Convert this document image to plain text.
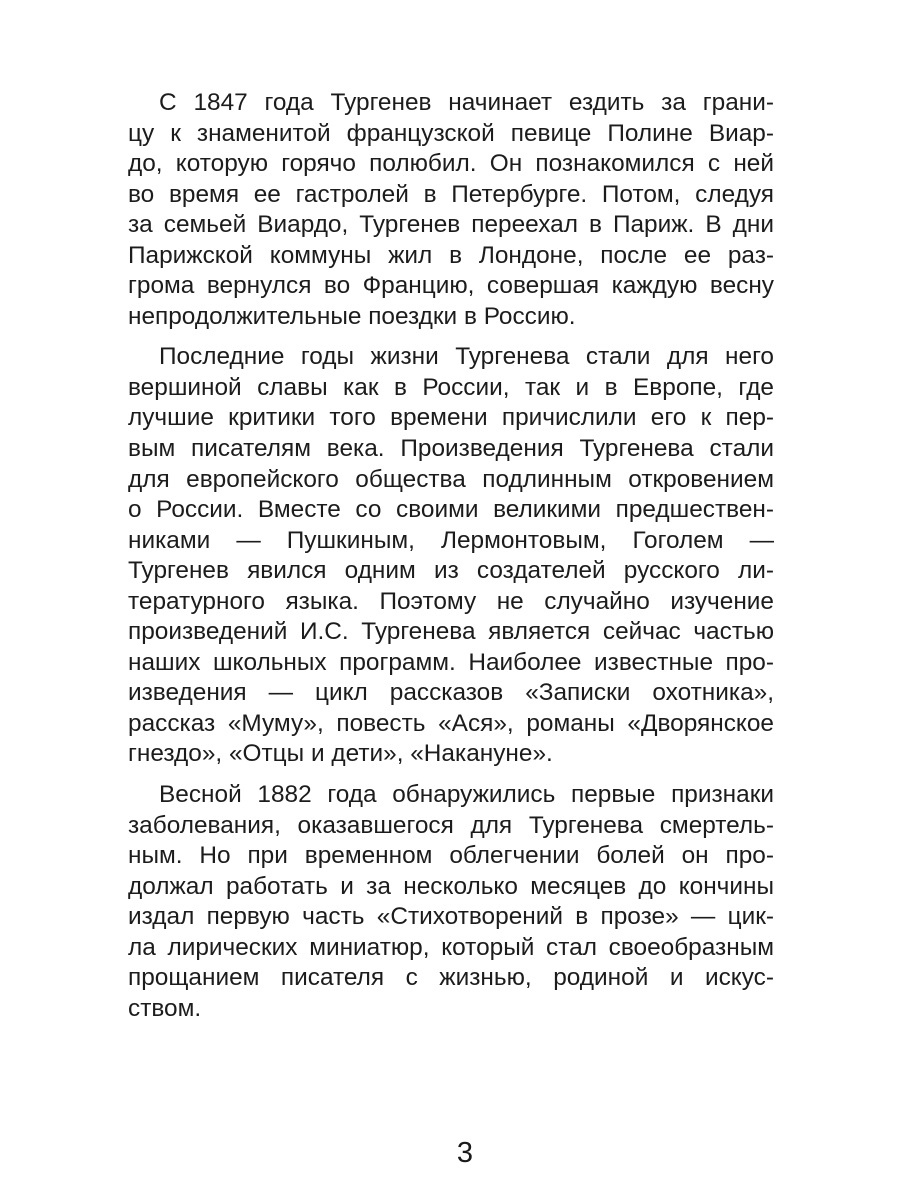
С 1847 года Тургенев начинает ездить за грани-
цу к знаменитой французской певице Полине Виар-
до, которую горячо полюбил. Он познакомился с ней
во время ее гастролей в Петербурге. Потом, следуя
за семьей Виардо, Тургенев переехал в Париж. В дни
Парижской коммуны жил в Лондоне, после ее раз-
грома вернулся во Францию, совершая каждую весну
непродолжительные поездки в Россию.
Последние годы жизни Тургенева стали для него
вершиной славы как в России, так и в Европе, где
лучшие критики того времени причислили его к пер-
вым писателям века. Произведения Тургенева стали
для европейского общества подлинным откровением
о России. Вместе со своими великими предшествен-
никами — Пушкиным, Лермонтовым, Гоголем —
Тургенев явился одним из создателей русского ли-
тературного языка. Поэтому не случайно изучение
произведений И.С. Тургенева является сейчас частью
наших школьных программ. Наиболее известные про-
изведения — цикл рассказов «Записки охотника»,
рассказ «Муму», повесть «Ася», романы «Дворянское
гнездо», «Отцы и дети», «Накануне».
Весной 1882 года обнаружились первые признаки
заболевания, оказавшегося для Тургенева смертель-
ным. Но при временном облегчении болей он про-
должал работать и за несколько месяцев до кончины
издал первую часть «Стихотворений в прозе» — цик-
ла лирических миниатюр, который стал своеобразным
прощанием писателя с жизнью, родиной и искус-
ством.
3
